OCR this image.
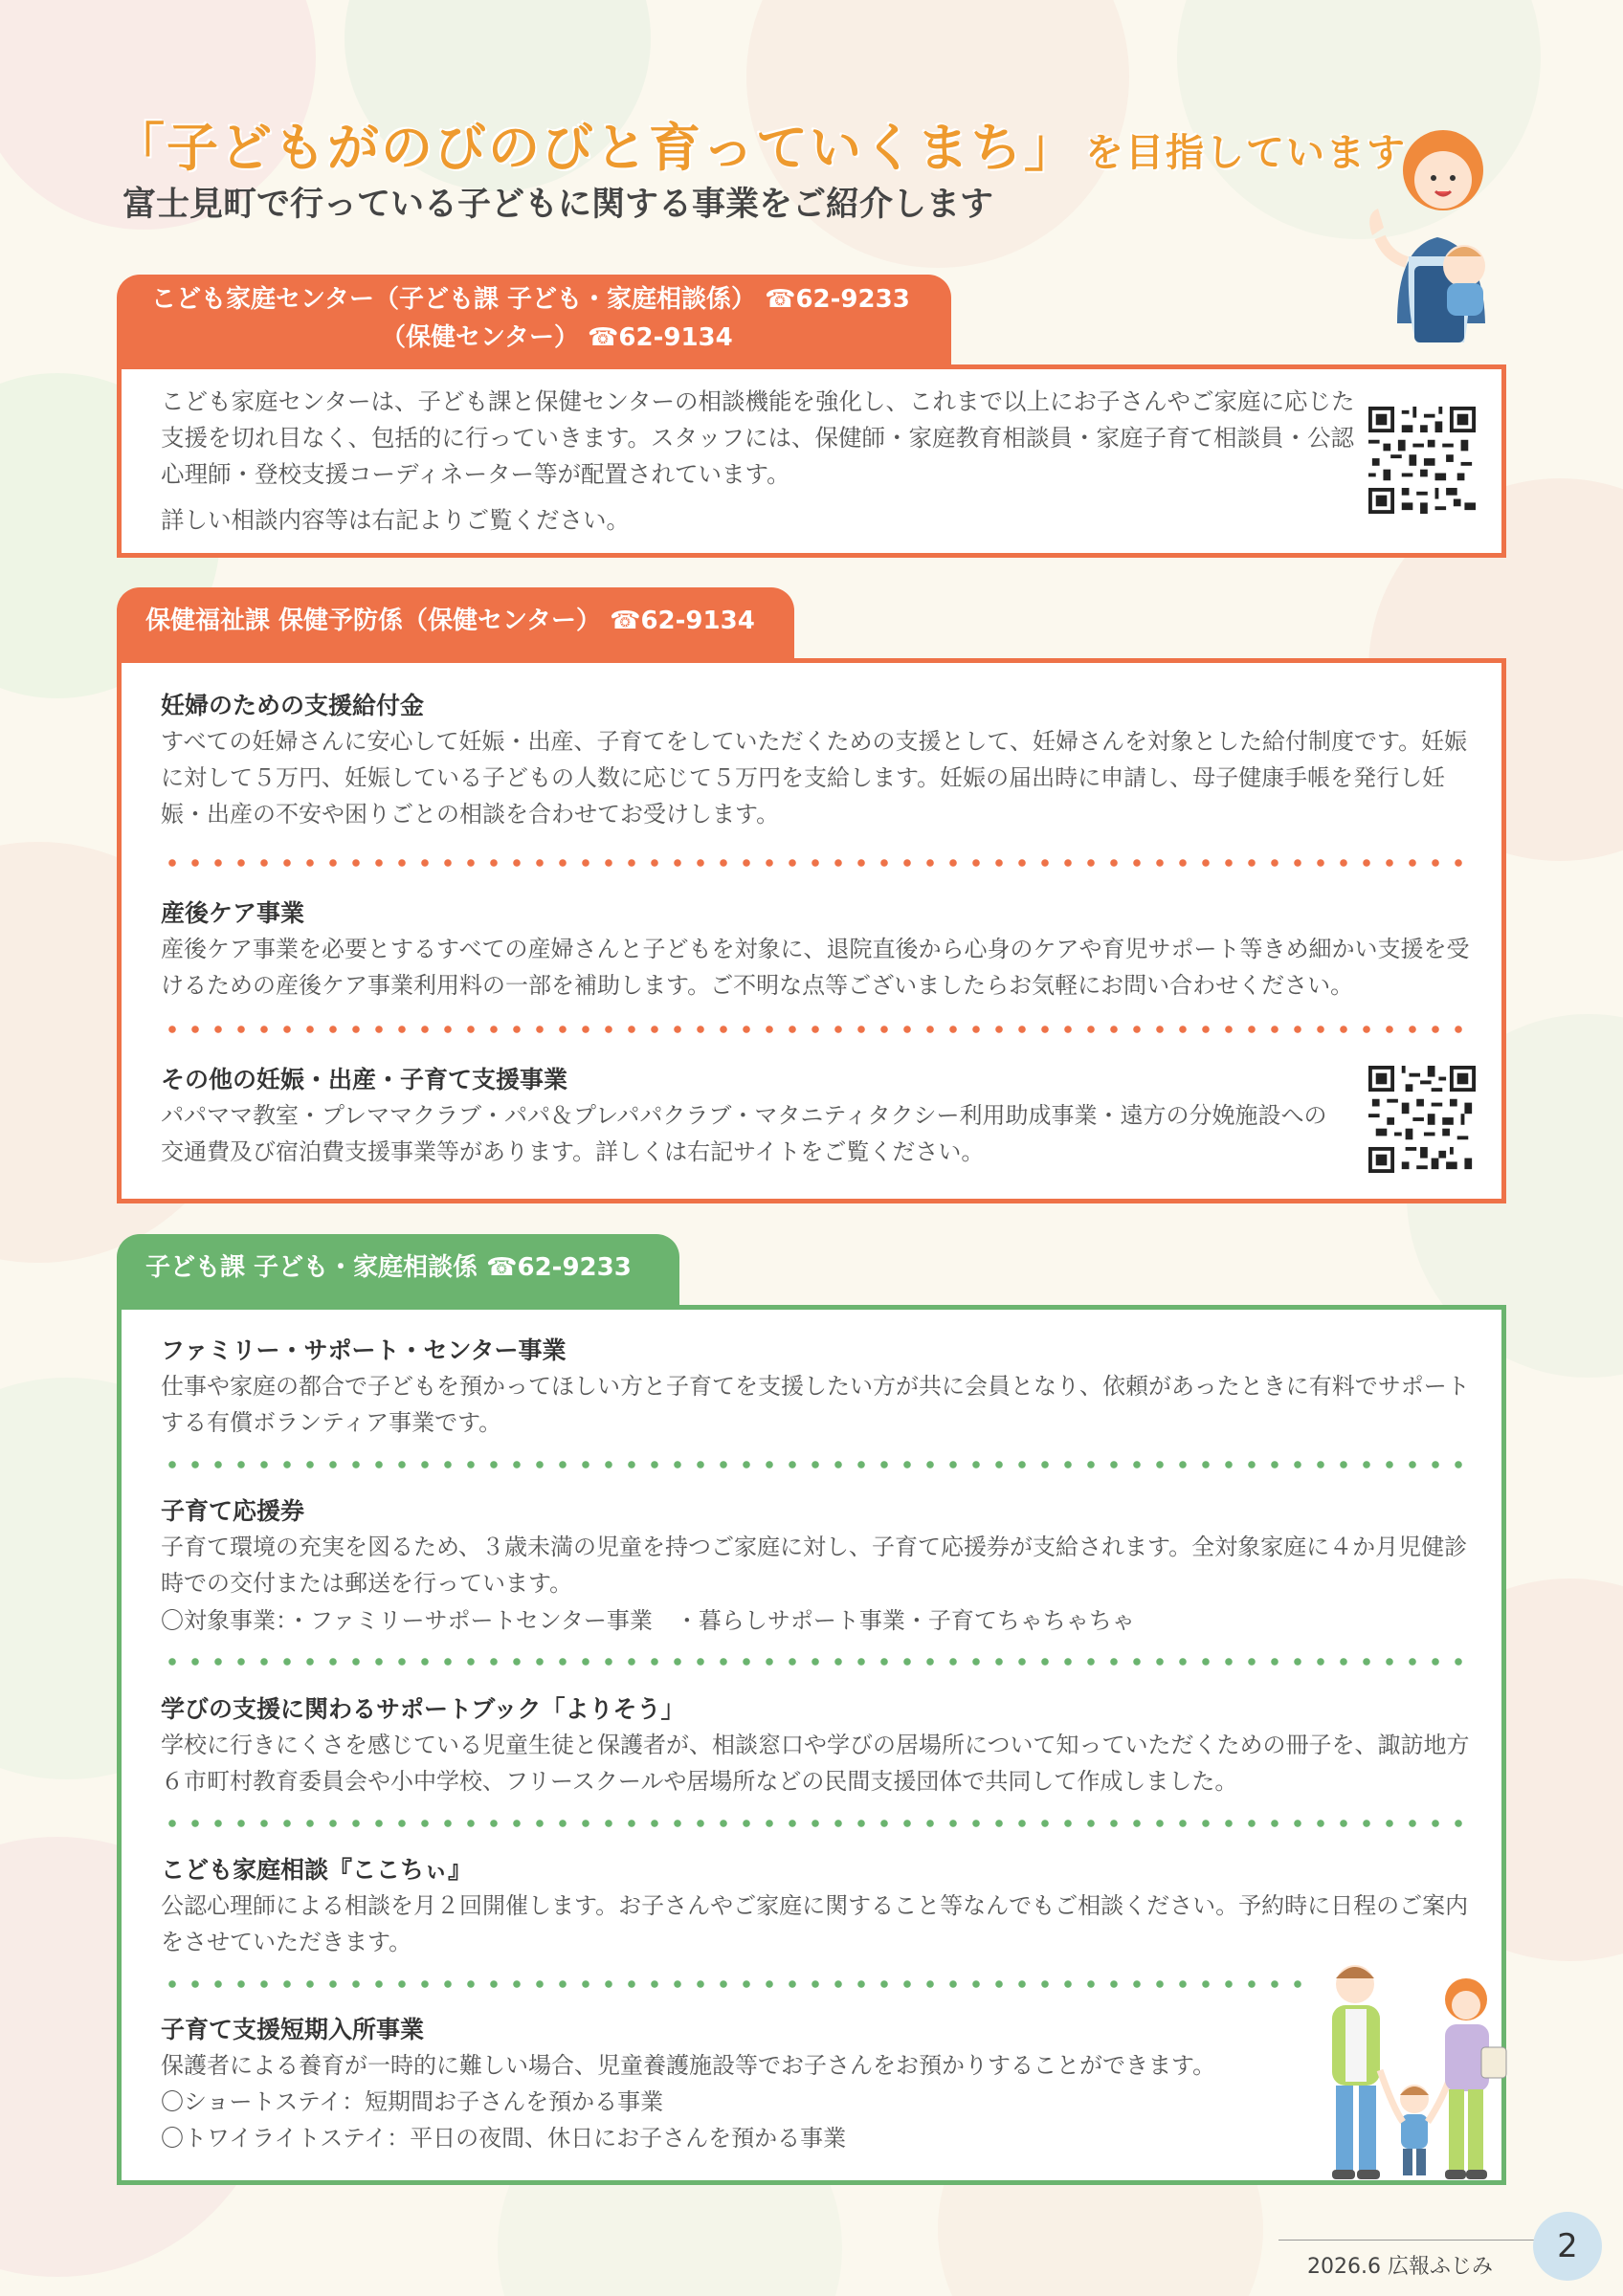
「子どもがのびのびと育っていくまち」 を目指しています
富士見町で行っている子どもに関する事業をご紹介します
こども家庭センター（子ども課 子ども・家庭相談係） ☎62-9233
（保健センター） ☎62-9134
こども家庭センターは、子ども課と保健センターの相談機能を強化し、これまで以上にお子さんやご家庭に応じた支援を切れ目なく、包括的に行っていきます。スタッフには、保健師・家庭教育相談員・家庭子育て相談員・公認心理師・登校支援コーディネーター等が配置されています。
詳しい相談内容等は右記よりご覧ください。
保健福祉課 保健予防係（保健センター） ☎62-9134
妊婦のための支援給付金
すべての妊婦さんに安心して妊娠・出産、子育てをしていただくための支援として、妊婦さんを対象とした給付制度です。妊娠に対して５万円、妊娠している子どもの人数に応じて５万円を支給します。妊娠の届出時に申請し、母子健康手帳を発行し妊娠・出産の不安や困りごとの相談を合わせてお受けします。
産後ケア事業
産後ケア事業を必要とするすべての産婦さんと子どもを対象に、退院直後から心身のケアや育児サポート等きめ細かい支援を受けるための産後ケア事業利用料の一部を補助します。ご不明な点等ございましたらお気軽にお問い合わせください。
その他の妊娠・出産・子育て支援事業
パパママ教室・プレママクラブ・パパ＆プレパパクラブ・マタニティタクシー利用助成事業・遠方の分娩施設への交通費及び宿泊費支援事業等があります。詳しくは右記サイトをご覧ください。
子ども課 子ども・家庭相談係 ☎62-9233
ファミリー・サポート・センター事業
仕事や家庭の都合で子どもを預かってほしい方と子育てを支援したい方が共に会員となり、依頼があったときに有料でサポートする有償ボランティア事業です。
子育て応援券
子育て環境の充実を図るため、３歳未満の児童を持つご家庭に対し、子育て応援券が支給されます。全対象家庭に４か月児健診時での交付または郵送を行っています。
〇対象事業：・ファミリーサポートセンター事業　・暮らしサポート事業・子育てちゃちゃちゃ
学びの支援に関わるサポートブック「よりそう」
学校に行きにくさを感じている児童生徒と保護者が、相談窓口や学びの居場所について知っていただくための冊子を、諏訪地方６市町村教育委員会や小中学校、フリースクールや居場所などの民間支援団体で共同して作成しました。
こども家庭相談『ここちぃ』
公認心理師による相談を月２回開催します。お子さんやご家庭に関すること等なんでもご相談ください。予約時に日程のご案内をさせていただきます。
子育て支援短期入所事業
保護者による養育が一時的に難しい場合、児童養護施設等でお子さんをお預かりすることができます。
〇ショートステイ：短期間お子さんを預かる事業
〇トワイライトステイ：平日の夜間、休日にお子さんを預かる事業
2026.6 広報ふじみ
2
